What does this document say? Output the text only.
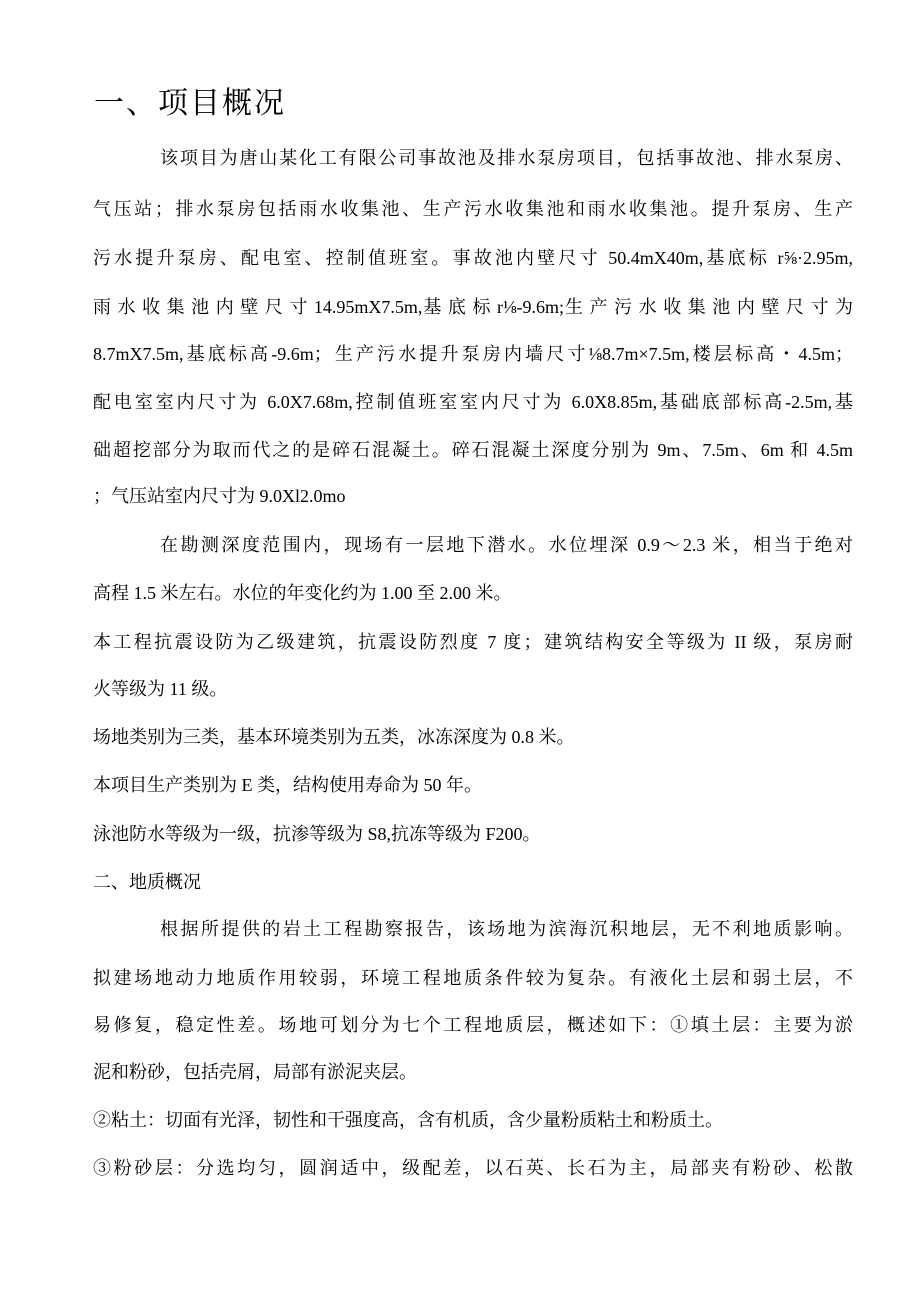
一、项目概况
该项目为唐山某化工有限公司事故池及排水泵房项目，包括事故池、排水泵房、
气压站；排水泵房包括雨水收集池、生产污水收集池和雨水收集池。提升泵房、生产
污水提升泵房、配电室、控制值班室。事故池内壁尺寸 50.4mX40m,基底标 r⅝·2.95m,
雨 水 收 集 池 内 壁 尺 寸 14.95mX7.5m,基 底 标 r⅛-9.6m;生 产 污 水 收 集 池 内 壁 尺 寸 为
8.7mX7.5m,基底标高-9.6m；生产污水提升泵房内墙尺寸⅛8.7m×7.5m,楼层标高・4.5m；
配电室室内尺寸为 6.0X7.68m,控制值班室室内尺寸为 6.0X8.85m,基础底部标高-2.5m,基
础超挖部分为取而代之的是碎石混凝土。碎石混凝土深度分别为 9m、7.5m、6m 和 4.5m
；气压站室内尺寸为 9.0Xl2.0mo
在勘测深度范围内，现场有一层地下潜水。水位埋深 0.9～2.3 米，相当于绝对
高程 1.5 米左右。水位的年变化约为 1.00 至 2.00 米。
本工程抗震设防为乙级建筑，抗震设防烈度 7 度；建筑结构安全等级为 II 级，泵房耐
火等级为 11 级。
场地类别为三类，基本环境类别为五类，冰冻深度为 0.8 米。
本项目生产类别为 E 类，结构使用寿命为 50 年。
泳池防水等级为一级，抗渗等级为 S8,抗冻等级为 F200。
二、地质概况
根据所提供的岩土工程勘察报告，该场地为滨海沉积地层，无不利地质影响。
拟建场地动力地质作用较弱，环境工程地质条件较为复杂。有液化土层和弱土层，不
易修复，稳定性差。场地可划分为七个工程地质层，概述如下：①填土层：主要为淤
泥和粉砂，包括壳屑，局部有淤泥夹层。
②粘土：切面有光泽，韧性和干强度高，含有机质，含少量粉质粘土和粉质土。
③粉砂层：分选均匀，圆润适中，级配差，以石英、长石为主，局部夹有粉砂、松散
